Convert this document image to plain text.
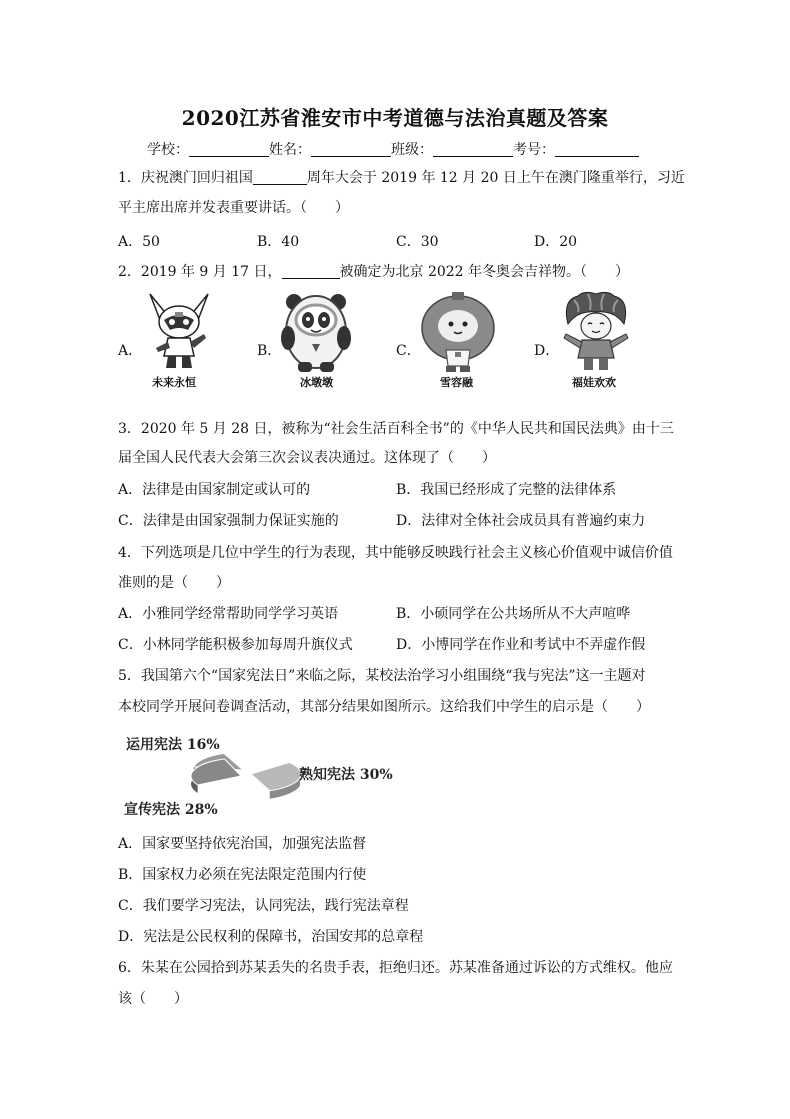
2020江苏省淮安市中考道德与法治真题及答案
学校：	姓名：	班级：	考号：
1．庆祝澳门回归祖国	周年大会于 2019 年 12 月 20 日上午在澳门隆重举行，习近
平主席出席并发表重要讲话。（　　）
A．50	B．40	C．30	D．20
2．2019 年 9 月 17 日，	被确定为北京 2022 年冬奥会吉祥物。（　　）
A．	B．	C．	D．
未来永恒	冰墩墩	雪容融	福娃欢欢
3．2020 年 5 月 28 日，被称为“社会生活百科全书”的《中华人民共和国民法典》由十三
届全国人民代表大会第三次会议表决通过。这体现了（　　）
A．法律是由国家制定或认可的	B．我国已经形成了完整的法律体系
C．法律是由国家强制力保证实施的	D．法律对全体社会成员具有普遍约束力
4．下列选项是几位中学生的行为表现，其中能够反映践行社会主义核心价值观中诚信价值
准则的是（　　）
A．小雅同学经常帮助同学学习英语	B．小硕同学在公共场所从不大声喧哗
C．小林同学能积极参加每周升旗仪式	D．小博同学在作业和考试中不弄虚作假
5．我国第六个“国家宪法日”来临之际，某校法治学习小组围绕“我与宪法”这一主题对
本校同学开展问卷调查活动，其部分结果如图所示。这给我们中学生的启示是（　　）
运用宪法 16%
熟知宪法 30%
宣传宪法 28%
A．国家要坚持依宪治国，加强宪法监督
B．国家权力必须在宪法限定范围内行使
C．我们要学习宪法，认同宪法，践行宪法章程
D．宪法是公民权利的保障书，治国安邦的总章程
6．朱某在公园拾到苏某丢失的名贵手表，拒绝归还。苏某准备通过诉讼的方式维权。他应
该（　　）
